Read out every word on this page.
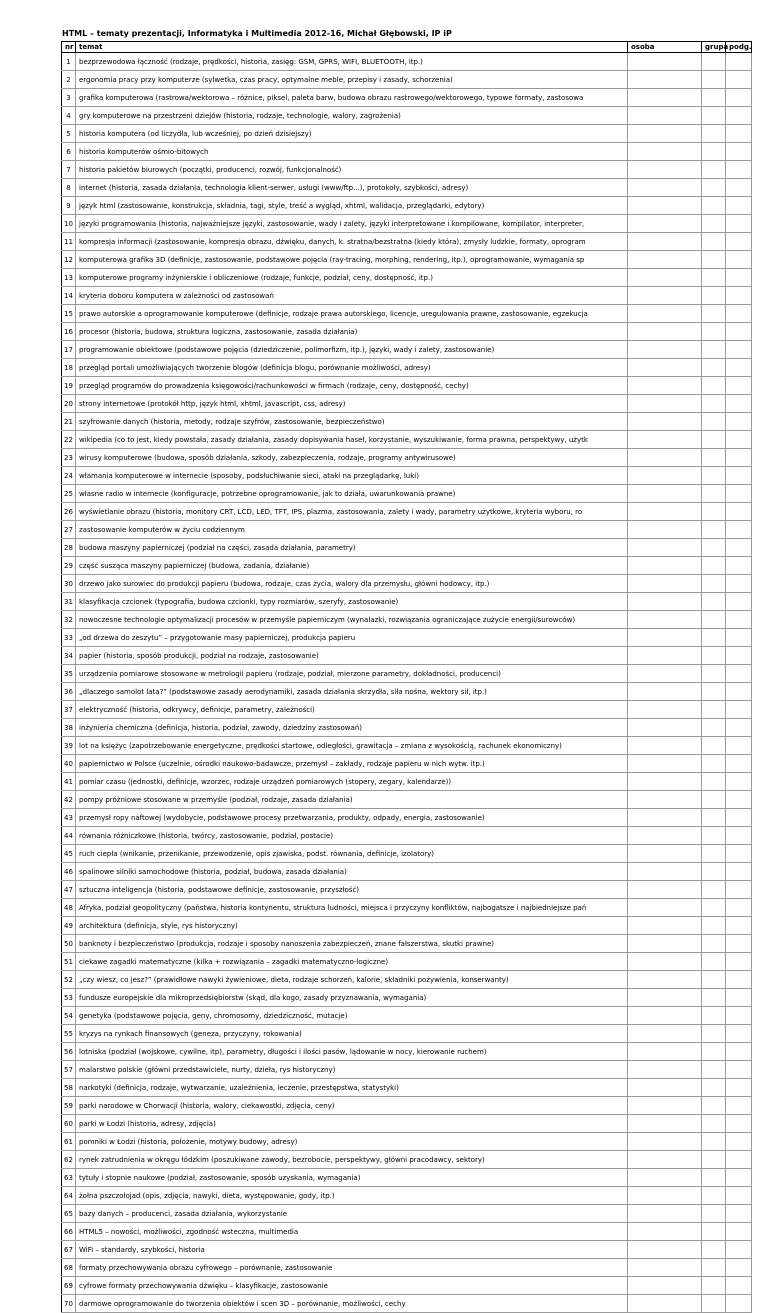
HTML – tematy prezentacji, Informatyka i Multimedia 2012-16, Michał Głębowski, IP iP
nr	temat	osoba	grupa	podg.
1	bezprzewodowa łączność (rodzaje, prędkości, historia, zasięg: GSM, GPRS, WIFI, BLUETOOTH, itp.)			
2	ergonomia pracy przy komputerze (sylwetka, czas pracy, optymalne meble, przepisy i zasady, schorzenia)			
3	grafika komputerowa (rastrowa/wektorowa – różnice, piksel, paleta barw, budowa obrazu rastrowego/wektorowego, typowe formaty, zastosowa			
4	gry komputerowe na przestrzeni dziejów (historia, rodzaje, technologie, walory, zagrożenia)			
5	historia komputera (od liczydła, lub wcześniej, po dzień dzisiejszy)			
6	historia komputerów ośmio-bitowych			
7	historia pakietów biurowych (początki, producenci, rozwój, funkcjonalność)			
8	internet (historia, zasada działania, technologia klient-serwer, usługi (www/ftp...), protokoły, szybkości, adresy)			
9	język html (zastosowanie, konstrukcja, składnia, tagi, style, treść a wygląd, xhtml, walidacja, przeglądarki, edytory)			
10	języki programowania (historia, najważniejsze języki, zastosowanie, wady i zalety, języki interpretowane i kompilowane, kompilator, interpreter,			
11	kompresja informacji (zastosowanie, kompresja obrazu, dźwięku, danych, k. stratna/bezstratna (kiedy która), zmysły ludzkie, formaty, oprogram			
12	komputerowa grafika 3D (definicje, zastosowanie, podstawowe pojęcia (ray-tracing, morphing, rendering, itp.), oprogramowanie, wymagania sp			
13	komputerowe programy inżynierskie i obliczeniowe (rodzaje, funkcje, podział, ceny, dostępność, itp.)			
14	kryteria doboru komputera w zależności od zastosowań			
15	prawo autorskie a oprogramowanie komputerowe (definicje, rodzaje prawa autorskiego, licencje, uregulowania prawne, zastosowanie, egzekucja			
16	procesor (historia, budowa, struktura logiczna, zastosowanie, zasada działania)			
17	programowanie obiektowe (podstawowe pojęcia (dziedziczenie, polimorfizm, itp.), języki, wady i zalety, zastosowanie)			
18	przegląd portali umożliwiających tworzenie blogów (definicja blogu, porównanie możliwości, adresy)			
19	przegląd programów do prowadzenia księgowości/rachunkowości w firmach (rodzaje, ceny, dostępność, cechy)			
20	strony internetowe (protokół http, język html, xhtml, javascript, css, adresy)			
21	szyfrowanie danych (historia, metody, rodzaje szyfrów, zastosowanie, bezpieczeństwo)			
22	wikipedia (co to jest, kiedy powstała, zasady działania, zasady dopisywania haseł, korzystanie, wyszukiwanie, forma prawna, perspektywy, użytk			
23	wirusy komputerowe (budowa, sposób działania, szkody, zabezpieczenia, rodzaje, programy antywirusowe)			
24	włamania komputerowe w internecie (sposoby, podsłuchiwanie sieci, ataki na przeglądarkę, luki)			
25	własne radio w internecie (konfiguracje, potrzebne oprogramowanie, jak to działa, uwarunkowania prawne)			
26	wyświetlanie obrazu (historia, monitory CRT, LCD, LED, TFT, IPS, plazma, zastosowania, zalety i wady, parametry użytkowe, kryteria wyboru, ro			
27	zastosowanie komputerów w życiu codziennym			
28	budowa maszyny papierniczej (podział na części, zasada działania, parametry)			
29	część susząca maszyny papierniczej (budowa, zadania, działanie)			
30	drzewo jako surowiec do produkcji papieru (budowa, rodzaje, czas życia, walory dla przemysłu, główni hodowcy, itp.)			
31	klasyfikacja czcionek (typografia, budowa czcionki, typy rozmiarów, szeryfy, zastosowanie)			
32	nowoczesne technologie optymalizacji procesów w przemyśle papierniczym (wynalazki, rozwiązania ograniczające zużycie energii/surowców)			
33	„od drzewa do zeszytu” – przygotowanie masy papierniczej, produkcja papieru			
34	papier (historia, sposób produkcji, podział na rodzaje, zastosowanie)			
35	urządzenia pomiarowe stosowane w metrologii papieru (rodzaje, podział, mierzone parametry, dokładności, producenci)			
36	„dlaczego samolot lata?” (podstawowe zasady aerodynamiki, zasada działania skrzydła, siła nośna, wektory sił, itp.)			
37	elektryczność (historia, odkrywcy, definicje, parametry, zależności)			
38	inżynieria chemiczna (definicja, historia, podział, zawody, dziedziny zastosowań)			
39	lot na księżyc (zapotrzebowanie energetyczne, prędkości startowe, odległości, grawitacja – zmiana z wysokością, rachunek ekonomiczny)			
40	papiernictwo w Polsce (uczelnie, ośrodki naukowo-badawcze, przemysł – zakłady, rodzaje papieru w nich wytw. itp.)			
41	pomiar czasu (jednostki, definicje, wzorzec, rodzaje urządzeń pomiarowych (stopery, zegary, kalendarze))			
42	pompy próżniowe stosowane w przemyśle (podział, rodzaje, zasada działania)			
43	przemysł ropy naftowej (wydobycie, podstawowe procesy przetwarzania, produkty, odpady, energia, zastosowanie)			
44	równania różniczkowe (historia, twórcy, zastosowanie, podział, postacie)			
45	ruch ciepła (wnikanie, przenikanie, przewodzenie, opis zjawiska, podst. równania, definicje, izolatory)			
46	spalinowe silniki samochodowe (historia, podział, budowa, zasada działania)			
47	sztuczna inteligencja (historia, podstawowe definicje, zastosowanie, przyszłość)			
48	Afryka, podział geopolityczny (państwa, historia kontynentu, struktura ludności, miejsca i przyczyny konfliktów, najbogatsze i najbiedniejsze pań			
49	architektura (definicja, style, rys historyczny)			
50	banknoty i bezpieczeństwo (produkcja, rodzaje i sposoby nanoszenia zabezpieczeń, znane fałszerstwa, skutki prawne)			
51	ciekawe zagadki matematyczne (kilka + rozwiązania – zagadki matematyczno-logiczne)			
52	„czy wiesz, co jesz?” (prawidłowe nawyki żywieniowe, dieta, rodzaje schorzeń, kalorie, składniki pożywienia, konserwanty)			
53	fundusze europejskie dla mikroprzedsiębiorstw (skąd, dla kogo, zasady przyznawania, wymagania)			
54	genetyka (podstawowe pojęcia, geny, chromosomy, dziedziczność, mutacje)			
55	kryzys na rynkach finansowych (geneza, przyczyny, rokowania)			
56	lotniska (podział (wojskowe, cywilne, itp), parametry, długości i ilości pasów, lądowanie w nocy, kierowanie ruchem)			
57	malarstwo polskie (główni przedstawiciele, nurty, dzieła, rys historyczny)			
58	narkotyki (definicja, rodzaje, wytwarzanie, uzależnienia, leczenie, przestępstwa, statystyki)			
59	parki narodowe w Chorwacji (historia, walory, ciekawostki, zdjęcia, ceny)			
60	parki w Łodzi (historia, adresy, zdjęcia)			
61	pomniki w Łodzi (historia, położenie, motywy budowy, adresy)			
62	rynek zatrudnienia w okręgu łódzkim (poszukiwane zawody, bezrobocie, perspektywy, główni pracodawcy, sektory)			
63	tytuły i stopnie naukowe (podział, zastosowanie, sposób uzyskania, wymagania)			
64	żołna pszczołojad (opis, zdjęcia, nawyki, dieta, występowanie, gody, itp.)			
65	bazy danych – producenci, zasada działania, wykorzystanie			
66	HTML5 – nowości, możliwości, zgodność wsteczna, multimedia			
67	WiFi – standardy, szybkości, historia			
68	formaty przechowywania obrazu cyfrowego – porównanie, zastosowanie			
69	cyfrowe formaty przechowywania dźwięku – klasyfikacje, zastosowanie			
70	darmowe oprogramowanie do tworzenia obiektów i scen 3D – porównanie, możliwości, cechy			
